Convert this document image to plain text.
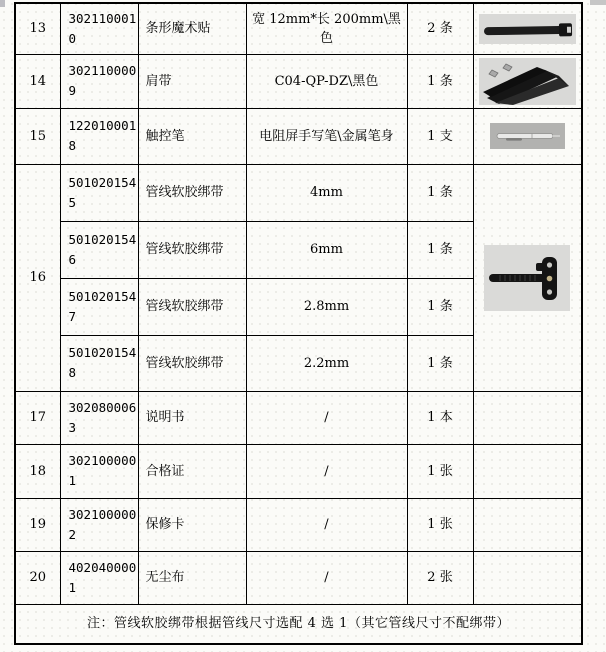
13	3021100010	条形魔术贴	宽 12mm*长 200mm\黑色	2 条	

14	3021100009	肩带	C04-QP-DZ\黑色	1 条	

15	1220100018	触控笔	电阻屏手写笔\金属笔身	1 支	

16	5010201545	管线软胶绑带	4mm	1 条	

	5010201546	管线软胶绑带	6mm	1 条	
	5010201547	管线软胶绑带	2.8mm	1 条	
	5010201548	管线软胶绑带	2.2mm	1 条	
17	3020800063	说明书	/	1 本	
18	3021000001	合格证	/	1 张	
19	3021000002	保修卡	/	1 张	
20	4020400001	无尘布	/	2 张	
注：管线软胶绑带根据管线尺寸选配 4 选 1（其它管线尺寸不配绑带）					
